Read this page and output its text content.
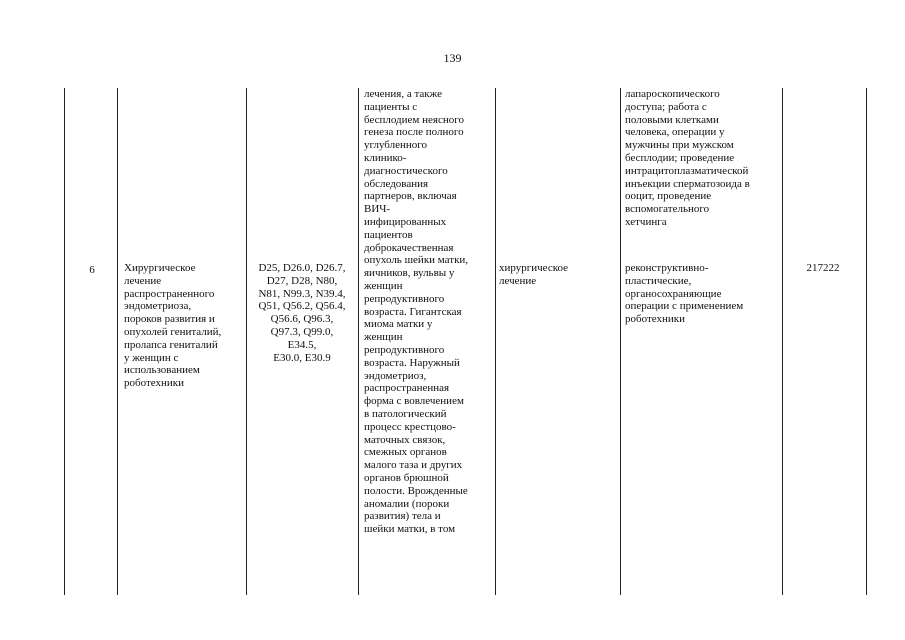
139
6	Хирургическое
лечение
распространенного
эндометриоза,
пороков развития и
опухолей гениталий,
пролапса гениталий
у женщин с
использованием
роботехники
D25, D26.0, D26.7,
D27, D28, N80,
N81, N99.3, N39.4,
Q51, Q56.2, Q56.4,
Q56.6, Q96.3,
Q97.3, Q99.0,
E34.5,
E30.0, E30.9
лечения, а также
пациенты с
бесплодием неясного
генеза после полного
углубленного
клинико-
диагностического
обследования
партнеров, включая
ВИЧ-
инфицированных
пациентов
доброкачественная
опухоль шейки матки,
яичников, вульвы у
женщин
репродуктивного
возраста. Гигантская
миома матки у
женщин
репродуктивного
возраста. Наружный
эндометриоз,
распространенная
форма с вовлечением
в патологический
процесс крестцово-
маточных связок,
смежных органов
малого таза и других
органов брюшной
полости. Врожденные
аномалии (пороки
развития) тела и
шейки матки, в том
хирургическое
лечение
лапароскопического
доступа; работа с
половыми клетками
человека, операции у
мужчины при мужском
бесплодии; проведение
интрацитоплазматической
инъекции сперматозоида в
ооцит, проведение
вспомогательного
хетчинга
реконструктивно-
пластические,
органосохраняющие
операции с применением
роботехники
217222
